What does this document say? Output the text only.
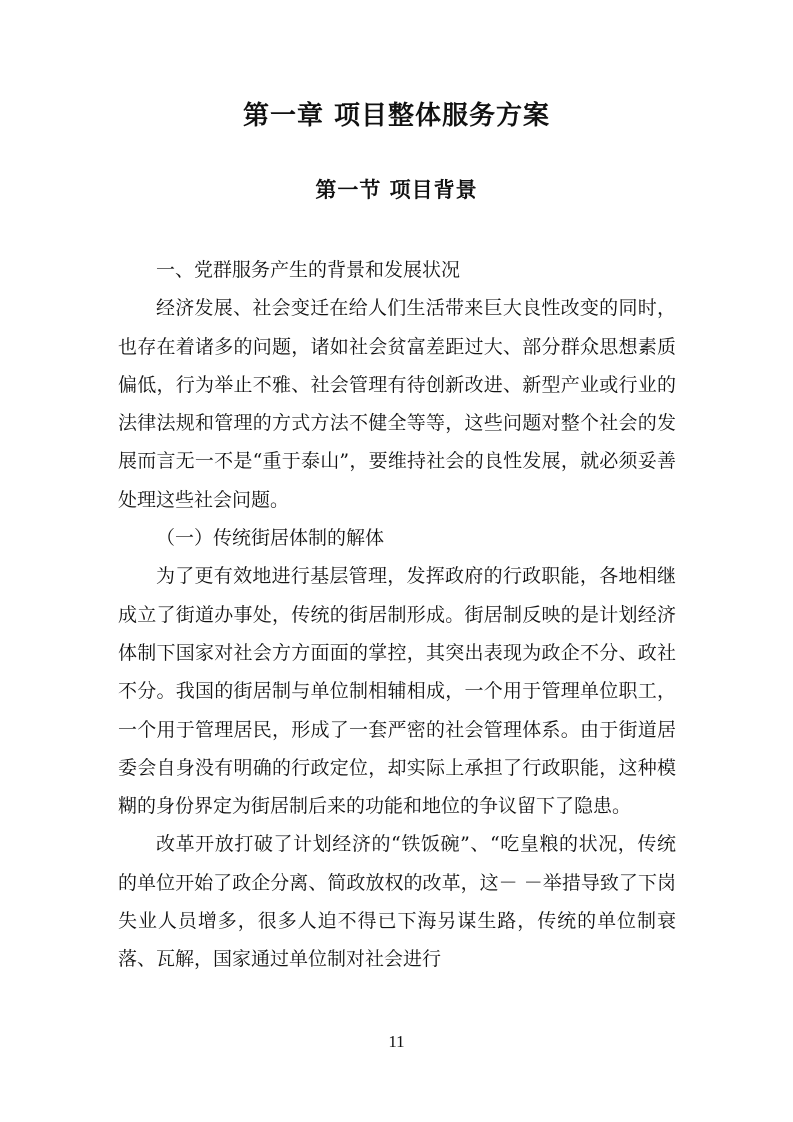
第一章 项目整体服务方案
第一节 项目背景

一、党群服务产生的背景和发展状况

经济发展、社会变迁在给人们生活带来巨大良性改变的同时，也存在着诸多的问题，诸如社会贫富差距过大、部分群众思想素质偏低，行为举止不雅、社会管理有待创新改进、新型产业或行业的法律法规和管理的方式方法不健全等等，这些问题对整个社会的发展而言无一不是“重于泰山”，要维持社会的良性发展，就必须妥善处理这些社会问题。

（一）传统街居体制的解体

为了更有效地进行基层管理，发挥政府的行政职能，各地相继成立了街道办事处，传统的街居制形成。街居制反映的是计划经济体制下国家对社会方方面面的掌控，其突出表现为政企不分、政社不分。我国的街居制与单位制相辅相成，一个用于管理单位职工，一个用于管理居民，形成了一套严密的社会管理体系。由于街道居委会自身没有明确的行政定位，却实际上承担了行政职能，这种模糊的身份界定为街居制后来的功能和地位的争议留下了隐患。

改革开放打破了计划经济的“铁饭碗”、“吃皇粮的状况，传统的单位开始了政企分离、简政放权的改革，这－ －举措导致了下岗失业人员增多，很多人迫不得已下海另谋生路，传统的单位制衰落、瓦解，国家通过单位制对社会进行

11
